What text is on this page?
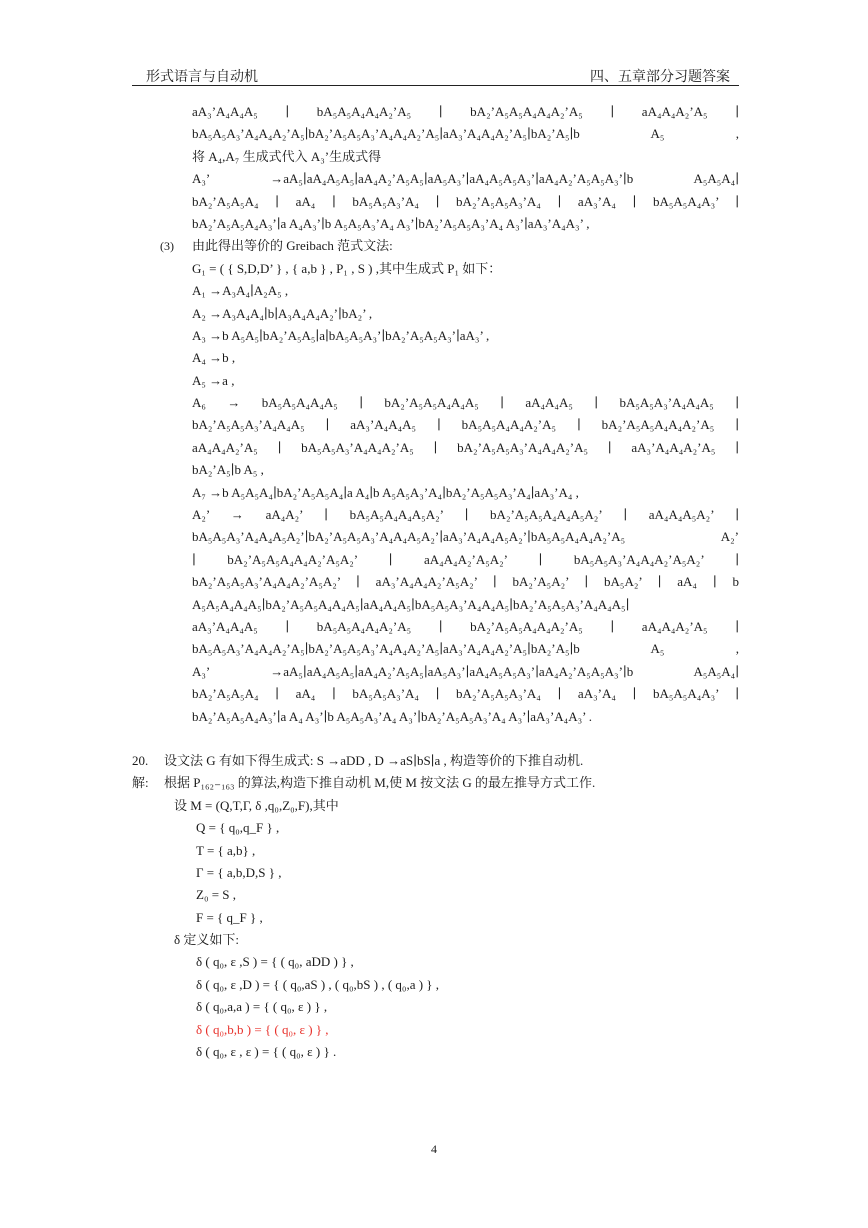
形式语言与自动机	四、五章部分习题答案
aA₃’A₄A₄A₅ ∣ bA₅A₅A₄A₄A₂’A₅ ∣ bA₂’A₅A₅A₄A₄A₂’A₅ ∣ aA₄A₄A₂’A₅ ∣
bA₅A₅A₃’A₄A₄A₂’A₅∣bA₂’A₅A₅A₃’A₄A₄A₂’A₅∣aA₃’A₄A₄A₂’A₅∣bA₂’A₅∣b A₅ ,
将 A₄,A₇ 生成式代入 A₃’生成式得
A₃’ →aA₅∣aA₄A₅A₅∣aA₄A₂’A₅A₅∣aA₅A₃’∣aA₄A₅A₅A₃’∣aA₄A₂’A₅A₅A₃’∣b A₅A₅A₄∣
bA₂’A₅A₅A₄ ∣ aA₄ ∣ bA₅A₅A₃’A₄ ∣ bA₂’A₅A₅A₃’A₄ ∣ aA₃’A₄ ∣ bA₅A₅A₄A₃’ ∣
bA₂’A₅A₅A₄A₃’∣a A₄A₃’∣b A₅A₅A₃’A₄ A₃’∣bA₂’A₅A₅A₃’A₄ A₃’∣aA₃’A₄A₃’ ,
(3) 由此得出等价的 Greibach 范式文法:
G₁ = ( { S,D,D’ } , { a,b } , P₁ , S ) ,其中生成式 P₁ 如下：
A₁ →A₃A₄∣A₂A₅ ,
A₂ →A₃A₄A₄∣b∣A₃A₄A₄A₂’∣bA₂’ ,
A₃ →b A₅A₅∣bA₂’A₅A₅∣a∣bA₅A₅A₃’∣bA₂’A₅A₅A₃’∣aA₃’ ,
A₄ →b ,
A₅ →a ,
A₆ → bA₅A₅A₄A₄A₅ ∣ bA₂’A₅A₅A₄A₄A₅ ∣ aA₄A₄A₅ ∣ bA₅A₅A₃’A₄A₄A₅ ∣
bA₂’A₅A₅A₃’A₄A₄A₅ ∣ aA₃’A₄A₄A₅ ∣ bA₅A₅A₄A₄A₂’A₅ ∣ bA₂’A₅A₅A₄A₄A₂’A₅ ∣
aA₄A₄A₂’A₅ ∣ bA₅A₅A₃’A₄A₄A₂’A₅ ∣ bA₂’A₅A₅A₃’A₄A₄A₂’A₅ ∣ aA₃’A₄A₄A₂’A₅ ∣
bA₂’A₅∣b A₅ ,
A₇ →b A₅A₅A₄∣bA₂’A₅A₅A₄∣a A₄∣b A₅A₅A₃’A₄∣bA₂’A₅A₅A₃’A₄∣aA₃’A₄ ,
A₂’ → aA₄A₂’ ∣ bA₅A₅A₄A₄A₅A₂’ ∣ bA₂’A₅A₅A₄A₄A₅A₂’ ∣ aA₄A₄A₅A₂’ ∣
bA₅A₅A₃’A₄A₄A₅A₂’∣bA₂’A₅A₅A₃’A₄A₄A₅A₂’∣aA₃’A₄A₄A₅A₂’∣bA₅A₅A₄A₄A₂’A₅ A₂’
∣ bA₂’A₅A₅A₄A₄A₂’A₅A₂’ ∣ aA₄A₄A₂’A₅A₂’ ∣ bA₅A₅A₃’A₄A₄A₂’A₅A₂’ ∣
bA₂’A₅A₅A₃’A₄A₄A₂’A₅A₂’ ∣ aA₃’A₄A₄A₂’A₅A₂’ ∣ bA₂’A₅A₂’ ∣ bA₅A₂’ ∣ aA₄ ∣ b
A₅A₅A₄A₄A₅∣bA₂’A₅A₅A₄A₄A₅∣aA₄A₄A₅∣bA₅A₅A₃’A₄A₄A₅∣bA₂’A₅A₅A₃’A₄A₄A₅∣
aA₃’A₄A₄A₅ ∣ bA₅A₅A₄A₄A₂’A₅ ∣ bA₂’A₅A₅A₄A₄A₂’A₅ ∣ aA₄A₄A₂’A₅ ∣
bA₅A₅A₃’A₄A₄A₂’A₅∣bA₂’A₅A₅A₃’A₄A₄A₂’A₅∣aA₃’A₄A₄A₂’A₅∣bA₂’A₅∣b A₅ ,
A₃’ →aA₅∣aA₄A₅A₅∣aA₄A₂’A₅A₅∣aA₅A₃’∣aA₄A₅A₅A₃’∣aA₄A₂’A₅A₅A₃’∣b A₅A₅A₄∣
bA₂’A₅A₅A₄ ∣ aA₄ ∣ bA₅A₅A₃’A₄ ∣ bA₂’A₅A₅A₃’A₄ ∣ aA₃’A₄ ∣ bA₅A₅A₄A₃’ ∣
bA₂’A₅A₅A₄A₃’∣a A₄ A₃’∣b A₅A₅A₃’A₄ A₃’∣bA₂’A₅A₅A₃’A₄ A₃’∣aA₃’A₄A₃’ .
20. 设文法 G 有如下得生成式: S →aDD , D →aS∣bS∣a , 构造等价的下推自动机.
解: 根据 P₁₆₂₋₁₆₃ 的算法,构造下推自动机 M,使 M 按文法 G 的最左推导方式工作.
设 M = (Q,T,Γ, δ ,q₀,Z₀,F),其中
Q = { q₀,q_F } ,
T = { a,b} ,
Γ = { a,b,D,S } ,
Z₀ = S ,
F = { q_F } ,
δ 定义如下:
δ ( q₀, ε ,S ) = { ( q₀, aDD ) } ,
δ ( q₀, ε ,D ) = { ( q₀,aS ) , ( q₀,bS ) , ( q₀,a ) } ,
δ ( q₀,a,a ) = { ( q₀, ε ) } ,
δ ( q₀,b,b ) = { ( q₀, ε ) } ,
δ ( q₀, ε , ε ) = { ( q₀, ε ) } .
4
